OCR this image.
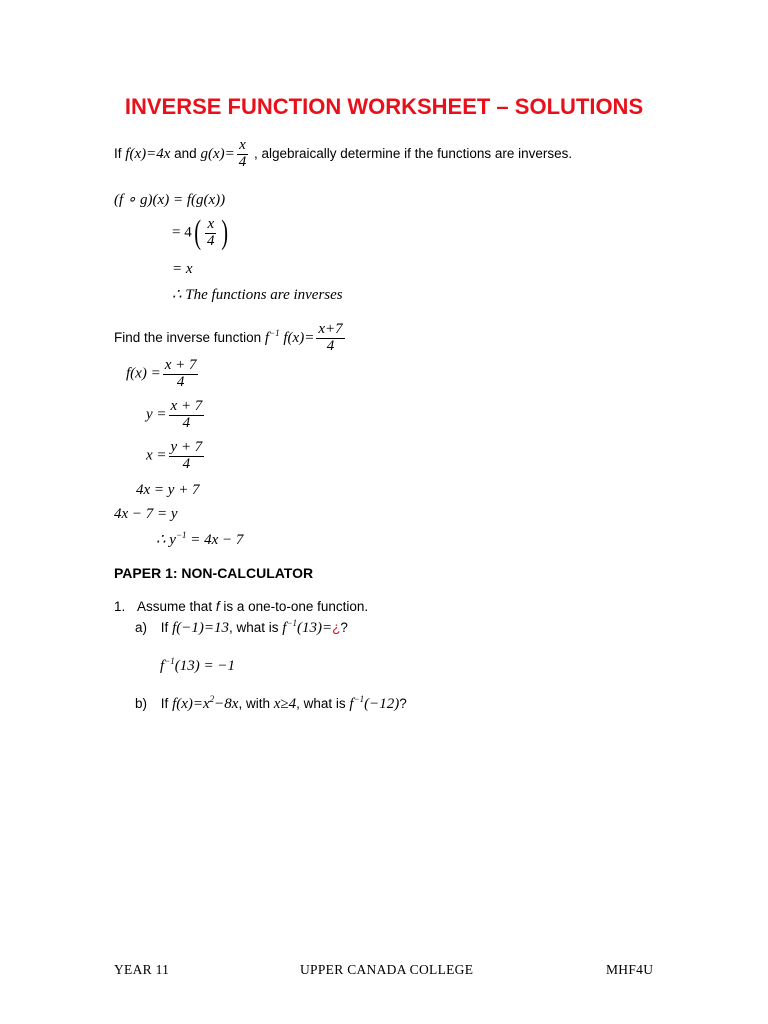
INVERSE FUNCTION WORKSHEET – SOLUTIONS
If f(x)=4x and $g(x)= \frac{x}{4}$ , algebraically determine if the functions are inverses.
(f ∘ g)(x) = f(g(x))
= $4( \frac{x}{4}$ )
= x
∴ The functions are inverses
Find the inverse function $f^{-1}$ $f(x)= \frac{x+7}{4}$
$f(x) = \frac{x + 7}{4}$
$y = \frac{x + 7}{4}$
$x = \frac{y + 7}{4}$
4x = y + 7
4x − 7 = y
∴ $y^{-1} = 4x - 7$
PAPER 1: NON-CALCULATOR
1. Assume that f is a one-to-one function.
a) If f(−1)=13, what is $f^{-1}(13)=¿$?
$f^{-1}(13) = -1$
b) If $f(x)=x^2-8x$, with x≥4, what is $f^{-1}(-12)$?
YEAR 11	UPPER CANADA COLLEGE	MHF4U
